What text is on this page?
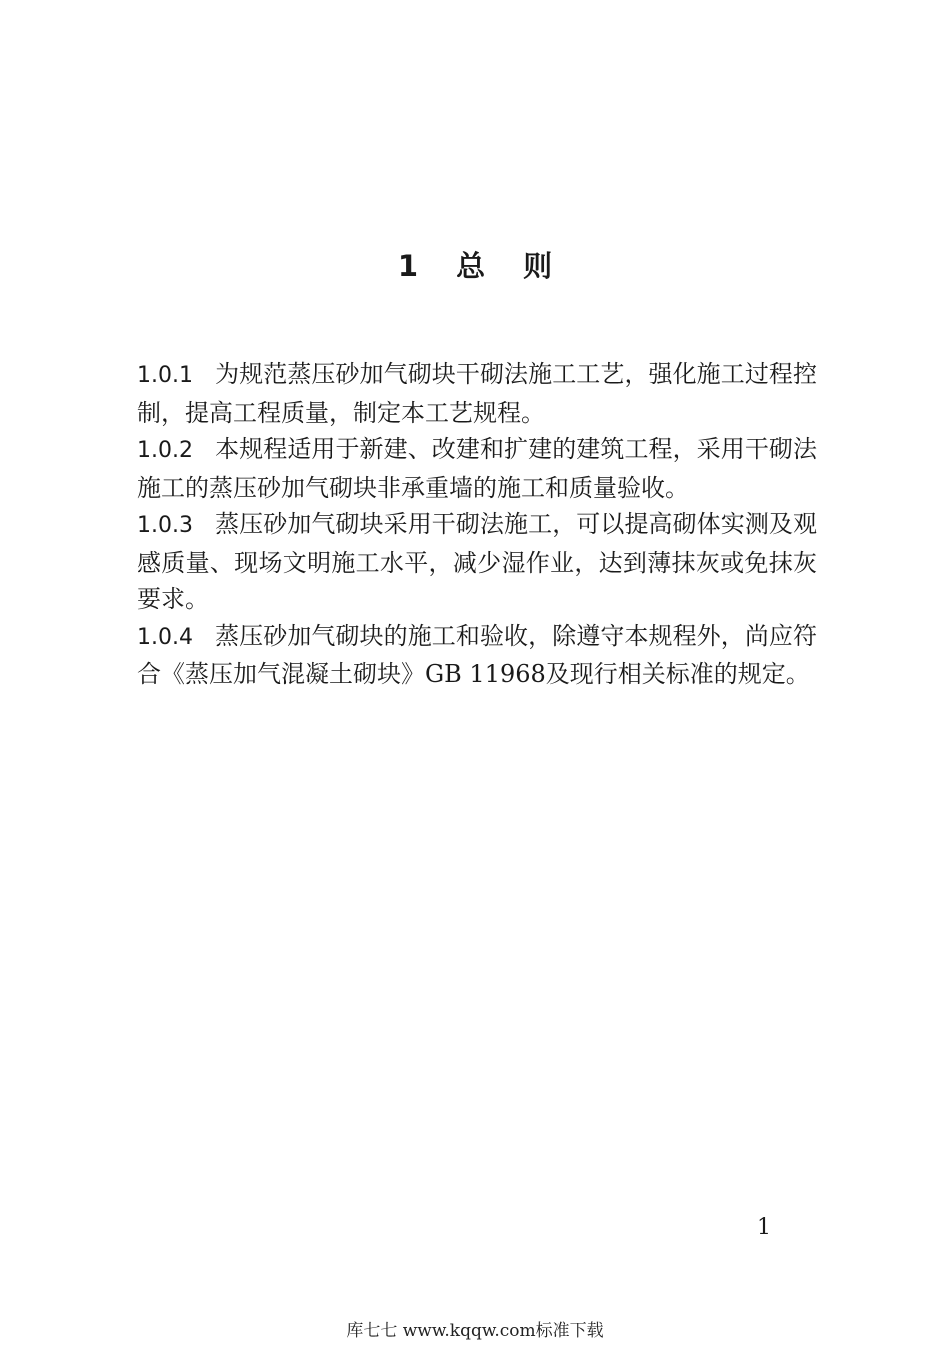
1 总 则

1.0.1 为规范蒸压砂加气砌块干砌法施工工艺，强化施工过程控制，提高工程质量，制定本工艺规程。

1.0.2 本规程适用于新建、改建和扩建的建筑工程，采用干砌法施工的蒸压砂加气砌块非承重墙的施工和质量验收。

1.0.3 蒸压砂加气砌块采用干砌法施工，可以提高砌体实测及观感质量、现场文明施工水平，减少湿作业，达到薄抹灰或免抹灰要求。

1.0.4 蒸压砂加气砌块的施工和验收，除遵守本规程外，尚应符合《蒸压加气混凝土砌块》GB 11968及现行相关标准的规定。

1
库七七 www.kqqw.com标准下载
